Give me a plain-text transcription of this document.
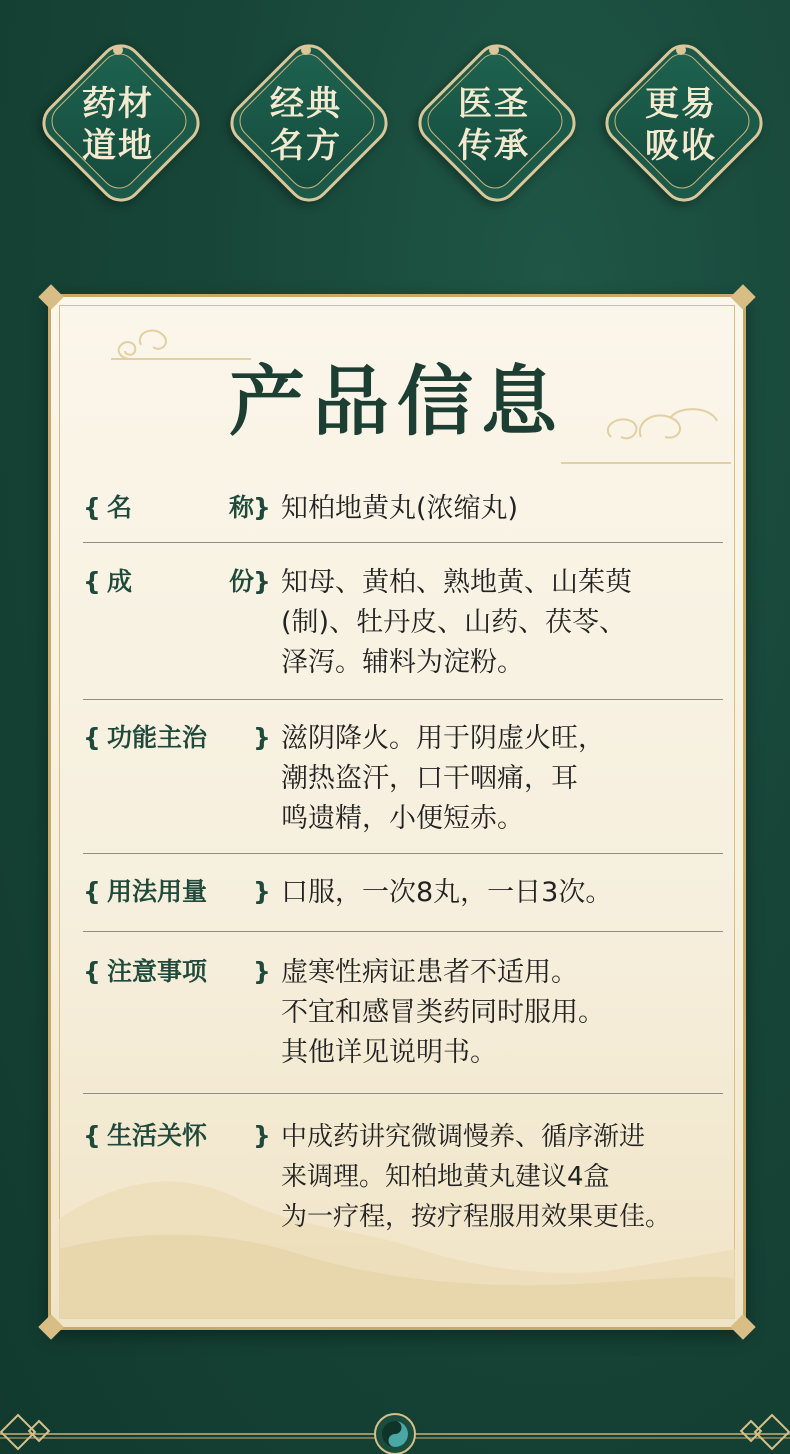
药材
道地
经典
名方
医圣
传承
更易
吸收
产品信息
{ 名	称
} 知柏地黄丸(浓缩丸)
{ 成	份
} 知母、黄柏、熟地黄、山茱萸
(制)、牡丹皮、山药、茯苓、
泽泻。辅料为淀粉。
{ 功能主治 } 滋阴降火。用于阴虚火旺，
潮热盗汗，口干咽痛，耳
鸣遗精，小便短赤。
{ 用法用量 } 口服，一次8丸，一日3次。
{ 注意事项 } 虚寒性病证患者不适用。
不宜和感冒类药同时服用。
其他详见说明书。
{ 生活关怀 } 中成药讲究微调慢养、循序渐进
来调理。知柏地黄丸建议4盒
为一疗程，按疗程服用效果更佳。
